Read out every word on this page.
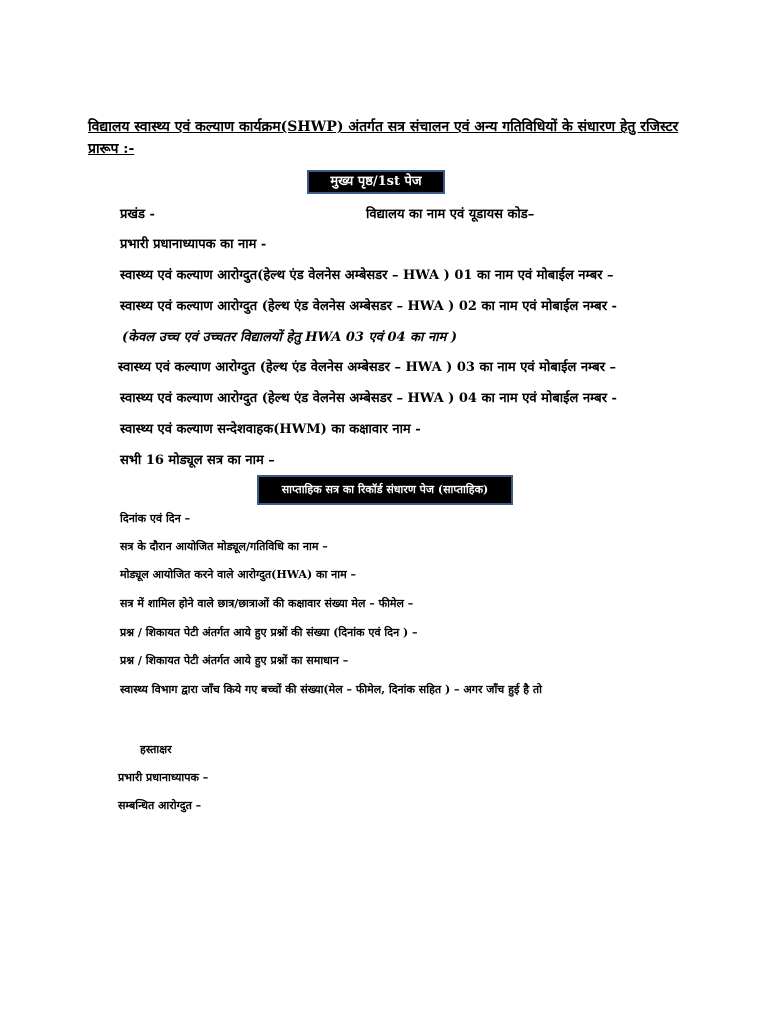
विद्यालय स्वास्थ्य एवं कल्याण कार्यक्रम(SHWP) अंतर्गत सत्र संचालन एवं अन्य गतिविधियों के संधारण हेतु रजिस्टर
प्रारूप :-
मुख्य पृष्ठ/1st पेज
प्रखंड -	विद्यालय का नाम एवं यूडायस कोड–
प्रभारी प्रधानाध्यापक का नाम -
स्वास्थ्य एवं कल्याण आरोग्दुत(हेल्थ एंड वेलनेस अम्बेसडर – HWA ) 01 का नाम एवं मोबाईल नम्बर –
स्वास्थ्य एवं कल्याण आरोग्दुत (हेल्थ एंड वेलनेस अम्बेसडर – HWA ) 02 का नाम एवं मोबाईल नम्बर -
(केवल उच्च एवं उच्चतर विद्यालयों हेतु HWA 03 एवं 04 का नाम )
स्वास्थ्य एवं कल्याण आरोग्दुत (हेल्थ एंड वेलनेस अम्बेसडर – HWA ) 03 का नाम एवं मोबाईल नम्बर –
स्वास्थ्य एवं कल्याण आरोग्दुत (हेल्थ एंड वेलनेस अम्बेसडर – HWA ) 04 का नाम एवं मोबाईल नम्बर -
स्वास्थ्य एवं कल्याण सन्देशवाहक(HWM) का कक्षावार नाम -
सभी 16 मोड्यूल सत्र का नाम –
साप्ताहिक सत्र का रिकॉर्ड संधारण पेज (साप्ताहिक)
दिनांक एवं दिन –
सत्र के दौरान आयोजित मोड्यूल/गतिविधि का नाम –
मोड्यूल आयोजित करने वाले आरोग्दुत(HWA) का नाम –
सत्र में शामिल होने वाले छात्र/छात्राओं की कक्षावार संख्या मेल – फीमेल –
प्रश्न / शिकायत पेटी अंतर्गत आये हुए प्रश्नों की संख्या (दिनांक एवं दिन ) –
प्रश्न / शिकायत पेटी अंतर्गत आये हुए प्रश्नों का समाधान –
स्वास्थ्य विभाग द्वारा जाँच किये गए बच्चों की संख्या(मेल – फीमेल, दिनांक सहित ) – अगर जाँच हुई है तो
हस्ताक्षर
प्रभारी प्रधानाध्यापक –
सम्बन्धित आरोग्दुत –
